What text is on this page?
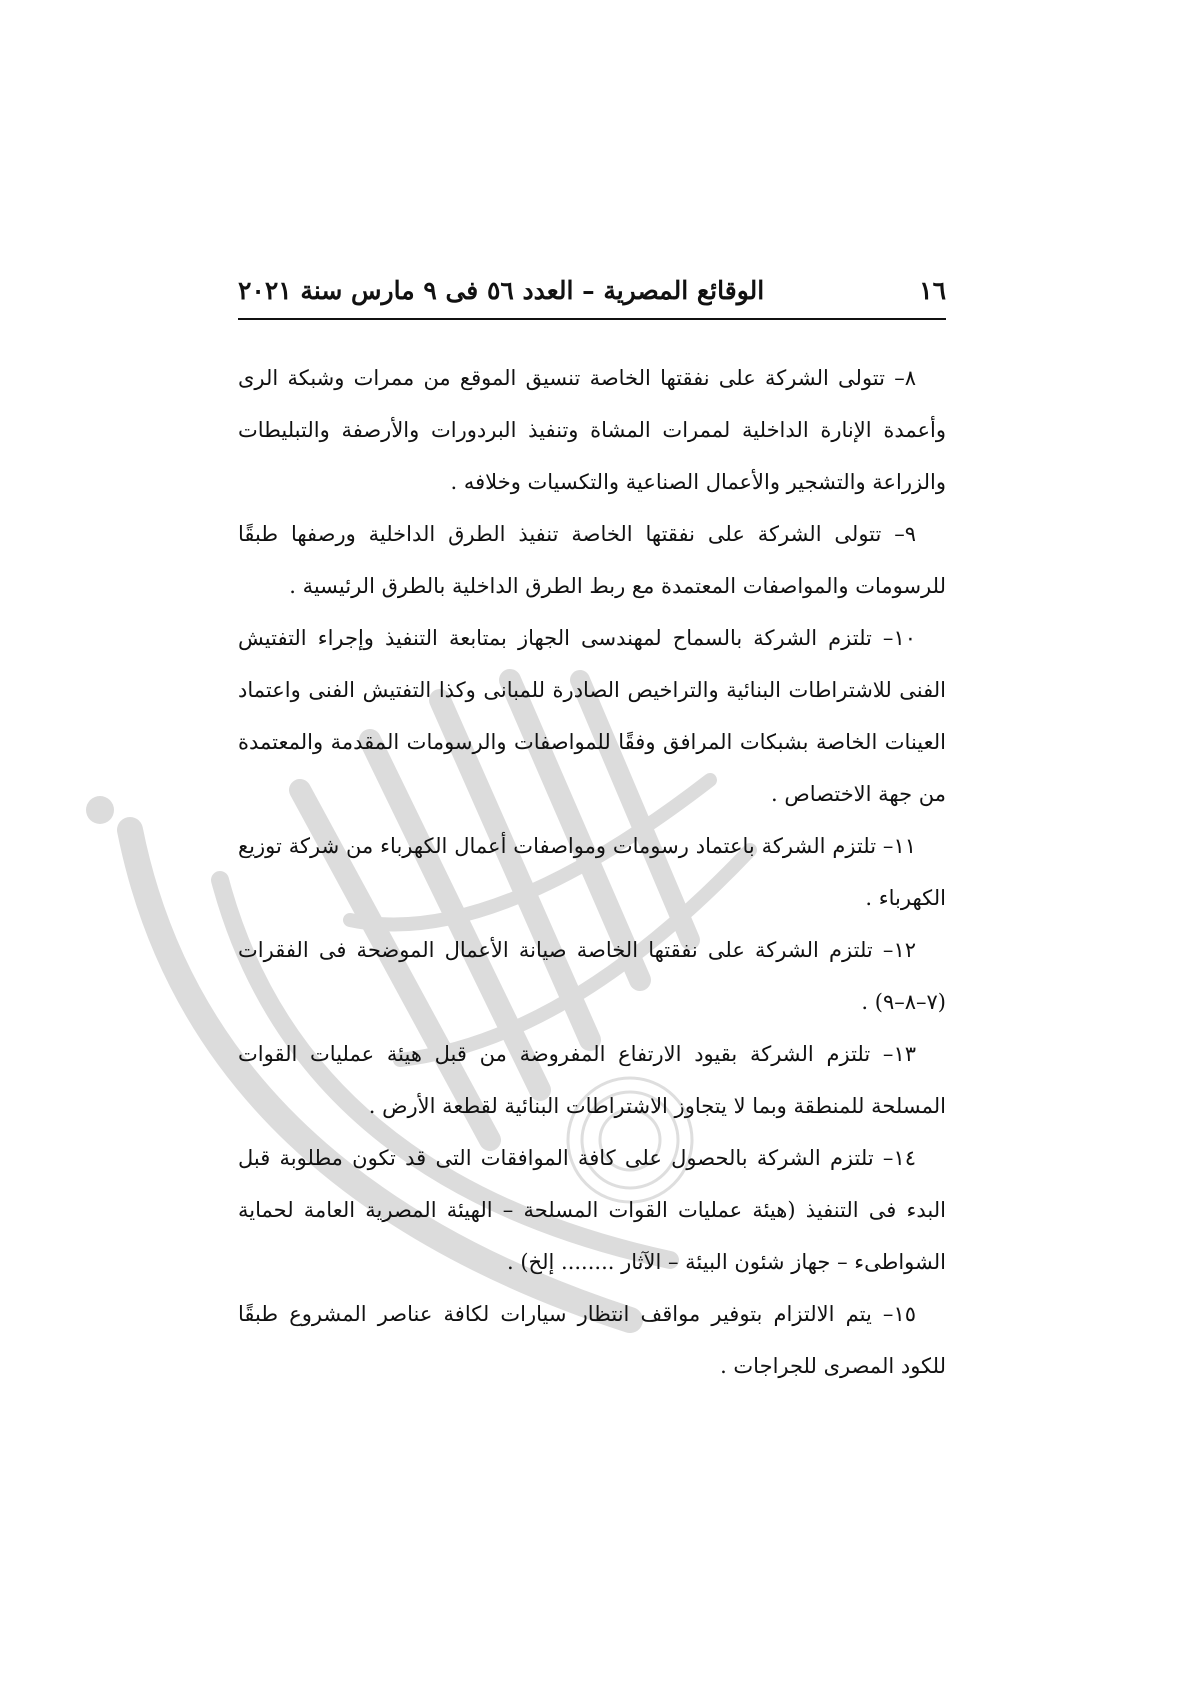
١٦
الوقائع المصرية – العدد ٥٦ فى ٩ مارس سنة ٢٠٢١

٨– تتولى الشركة على نفقتها الخاصة تنسيق الموقع من ممرات وشبكة الرى وأعمدة الإنارة الداخلية لممرات المشاة وتنفيذ البردورات والأرصفة والتبليطات والزراعة والتشجير والأعمال الصناعية والتكسيات وخلافه .

٩– تتولى الشركة على نفقتها الخاصة تنفيذ الطرق الداخلية ورصفها طبقًا للرسومات والمواصفات المعتمدة مع ربط الطرق الداخلية بالطرق الرئيسية .

١٠– تلتزم الشركة بالسماح لمهندسى الجهاز بمتابعة التنفيذ وإجراء التفتيش الفنى للاشتراطات البنائية والتراخيص الصادرة للمبانى وكذا التفتيش الفنى واعتماد العينات الخاصة بشبكات المرافق وفقًا للمواصفات والرسومات المقدمة والمعتمدة من جهة الاختصاص .

١١– تلتزم الشركة باعتماد رسومات ومواصفات أعمال الكهرباء من شركة توزيع الكهرباء .

١٢– تلتزم الشركة على نفقتها الخاصة صيانة الأعمال الموضحة فى الفقرات (٧–٨–٩) .

١٣– تلتزم الشركة بقيود الارتفاع المفروضة من قبل هيئة عمليات القوات المسلحة للمنطقة وبما لا يتجاوز الاشتراطات البنائية لقطعة الأرض .

١٤– تلتزم الشركة بالحصول على كافة الموافقات التى قد تكون مطلوبة قبل البدء فى التنفيذ (هيئة عمليات القوات المسلحة – الهيئة المصرية العامة لحماية الشواطىء – جهاز شئون البيئة – الآثار ........ إلخ) .

١٥– يتم الالتزام بتوفير مواقف انتظار سيارات لكافة عناصر المشروع طبقًا للكود المصرى للجراجات .
